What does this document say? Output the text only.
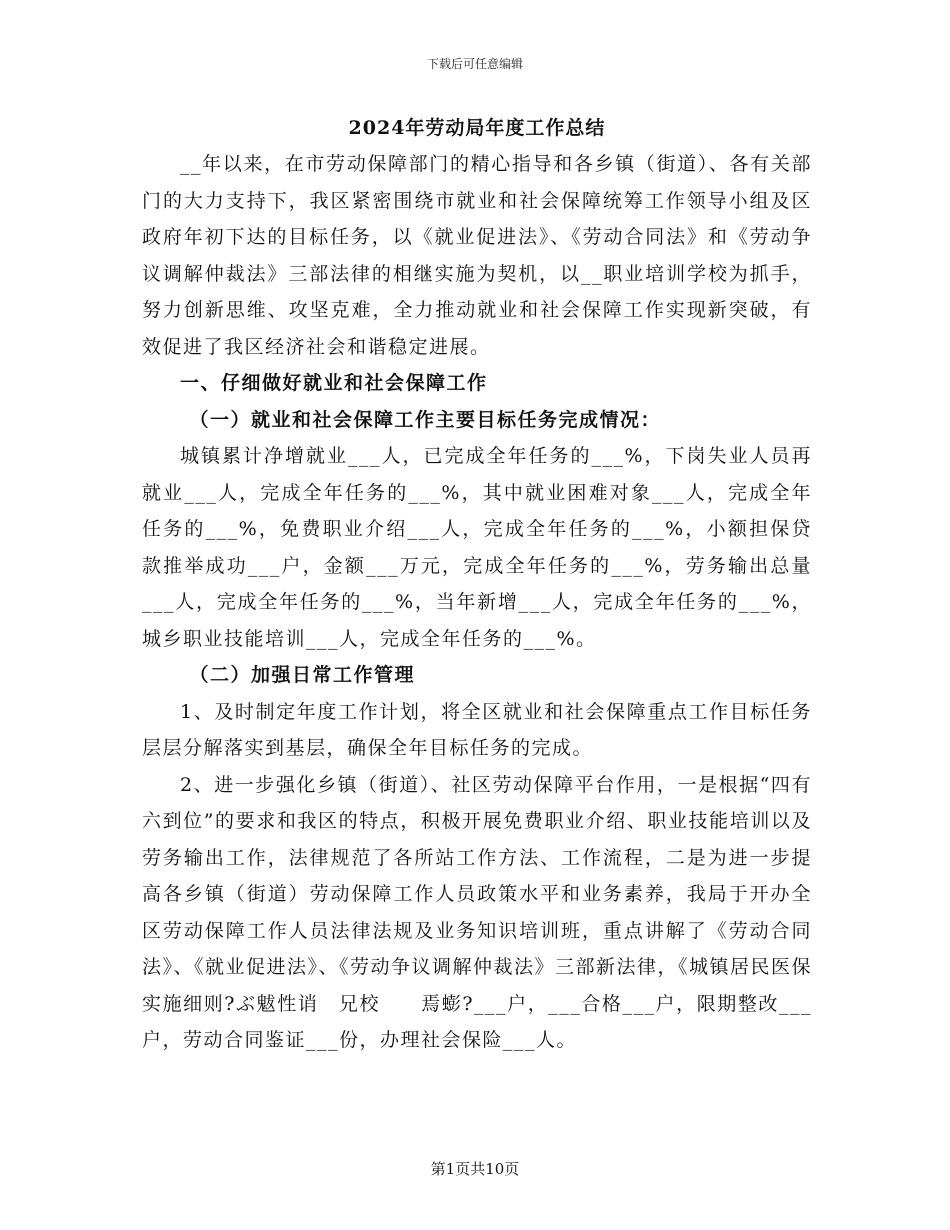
下载后可任意编辑

2024年劳动局年度工作总结

__年以来，在市劳动保障部门的精心指导和各乡镇（街道）、各有关部门的大力支持下，我区紧密围绕市就业和社会保障统筹工作领导小组及区政府年初下达的目标任务，以《就业促进法》、《劳动合同法》和《劳动争议调解仲裁法》三部法律的相继实施为契机，以__职业培训学校为抓手，努力创新思维、攻坚克难，全力推动就业和社会保障工作实现新突破，有效促进了我区经济社会和谐稳定进展。

一、仔细做好就业和社会保障工作

（一）就业和社会保障工作主要目标任务完成情况：

城镇累计净增就业___人，已完成全年任务的___%，下岗失业人员再就业___人，完成全年任务的___%，其中就业困难对象___人，完成全年任务的___%，免费职业介绍___人，完成全年任务的___%，小额担保贷款推举成功___户，金额___万元，完成全年任务的___%，劳务输出总量___人，完成全年任务的___%，当年新增___人，完成全年任务的___%，城乡职业技能培训___人，完成全年任务的___%。

（二）加强日常工作管理

1、及时制定年度工作计划，将全区就业和社会保障重点工作目标任务层层分解落实到基层，确保全年目标任务的完成。

2、进一步强化乡镇（街道）、社区劳动保障平台作用，一是根据“四有六到位”的要求和我区的特点，积极开展免费职业介绍、职业技能培训以及劳务输出工作，法律规范了各所站工作方法、工作流程，二是为进一步提高各乡镇（街道）劳动保障工作人员政策水平和业务素养，我局于开办全区劳动保障工作人员法律法规及业务知识培训班，重点讲解了《劳动合同法》、《就业促进法》、《劳动争议调解仲裁法》三部新法律，《城镇居民医保实施细则?ぶ魃性诮　兄校　　焉蟛?___户，___合格___户，限期整改___户，劳动合同鉴证___份，办理社会保险___人。

第1页共10页
